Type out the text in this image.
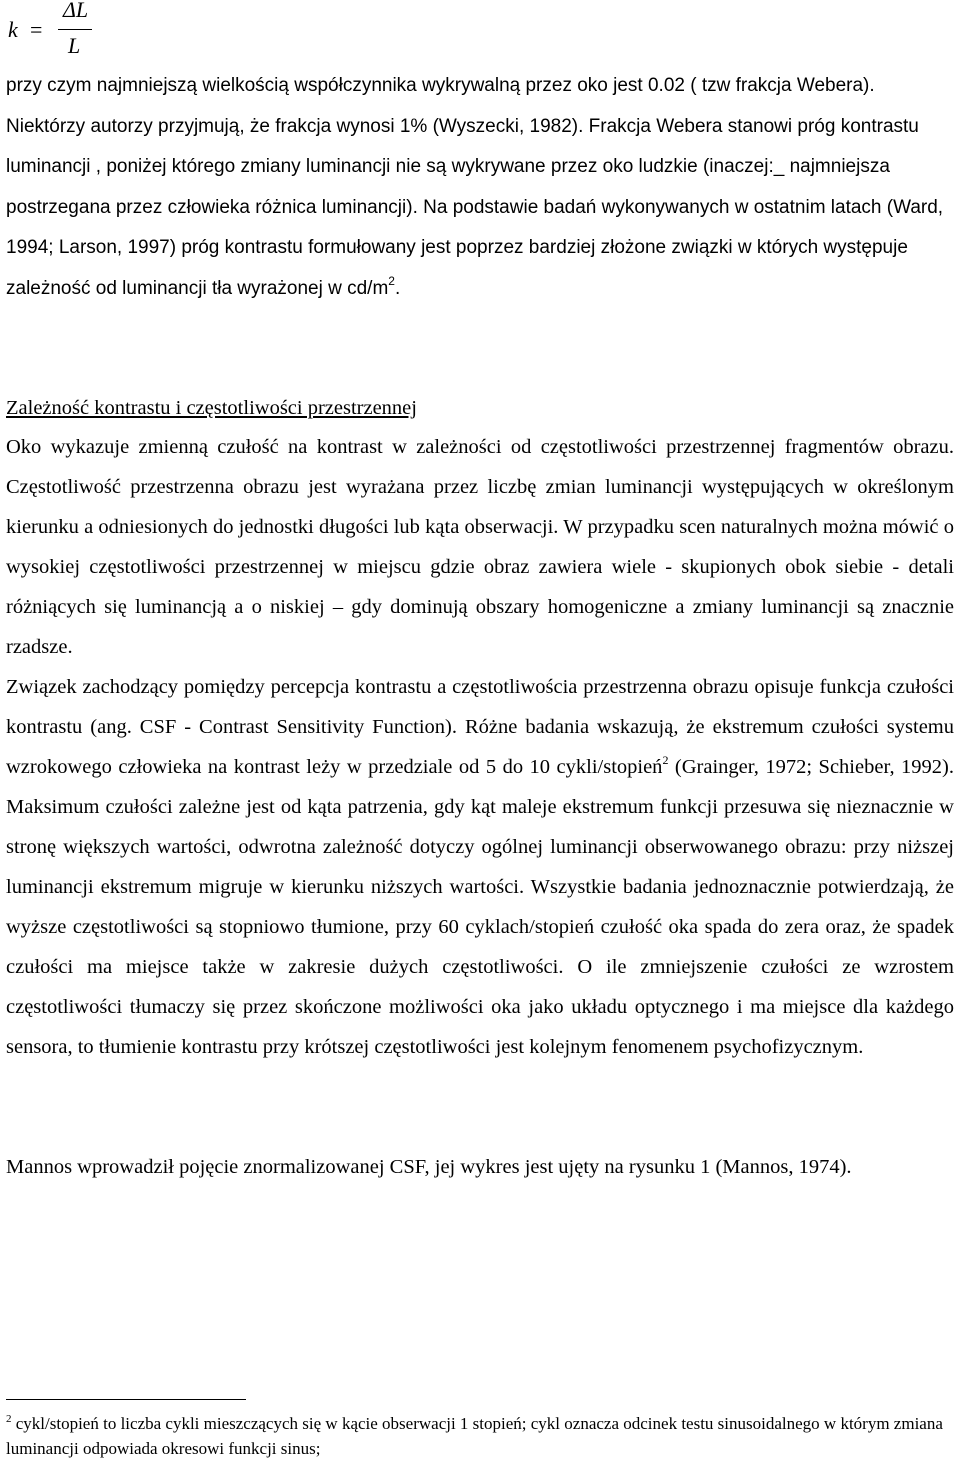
k =
ΔL
L

przy czym najmniejszą wielkością współczynnika wykrywalną przez oko jest 0.02 ( tzw frakcja Webera). Niektórzy autorzy przyjmują, że frakcja wynosi 1% (Wyszecki, 1982). Frakcja Webera stanowi próg kontrastu luminancji , poniżej którego zmiany luminancji nie są wykrywane przez oko ludzkie (inaczej:_ najmniejsza postrzegana przez człowieka różnica luminancji). Na podstawie badań wykonywanych w ostatnim latach (Ward, 1994; Larson, 1997) próg kontrastu formułowany jest poprzez bardziej złożone związki w których występuje zależność od luminancji tła wyrażonej w $cd/m^2$.

Zależność kontrastu i częstotliwości przestrzennej

Oko wykazuje zmienną czułość na kontrast w zależności od częstotliwości przestrzennej fragmentów obrazu. Częstotliwość przestrzenna obrazu jest wyrażana przez liczbę zmian luminancji występujących w określonym kierunku a odniesionych do jednostki długości lub kąta obserwacji. W przypadku scen naturalnych można mówić o wysokiej częstotliwości przestrzennej w miejscu gdzie obraz zawiera wiele - skupionych obok siebie - detali różniących się luminancją a o niskiej – gdy dominują obszary homogeniczne a zmiany luminancji są znacznie rzadsze.

Związek zachodzący pomiędzy percepcja kontrastu a częstotliwościa przestrzenna obrazu opisuje funkcja czułości kontrastu (ang. CSF - Contrast Sensitivity Function). Różne badania wskazują, że ekstremum czułości systemu wzrokowego człowieka na kontrast leży w przedziale od 5 do 10 cykli/stopień$^2$ (Grainger, 1972; Schieber, 1992). Maksimum czułości zależne jest od kąta patrzenia, gdy kąt maleje ekstremum funkcji przesuwa się nieznacznie w stronę większych wartości, odwrotna zależność dotyczy ogólnej luminancji obserwowanego obrazu: przy niższej luminancji ekstremum migruje w kierunku niższych wartości. Wszystkie badania jednoznacznie potwierdzają, że wyższe częstotliwości są stopniowo tłumione, przy 60 cyklach/stopień czułość oka spada do zera oraz, że spadek czułości ma miejsce także w zakresie dużych częstotliwości. O ile zmniejszenie czułości ze wzrostem częstotliwości tłumaczy się przez skończone możliwości oka jako układu optycznego i ma miejsce dla każdego sensora, to tłumienie kontrastu przy krótszej częstotliwości jest kolejnym fenomenem psychofizycznym.

Mannos wprowadził pojęcie znormalizowanej CSF, jej wykres jest ujęty na rysunku 1 (Mannos, 1974).

$^2$ cykl/stopień to liczba cykli mieszczących się w kącie obserwacji 1 stopień; cykl oznacza odcinek testu sinusoidalnego w którym zmiana luminancji odpowiada okresowi funkcji sinus;
